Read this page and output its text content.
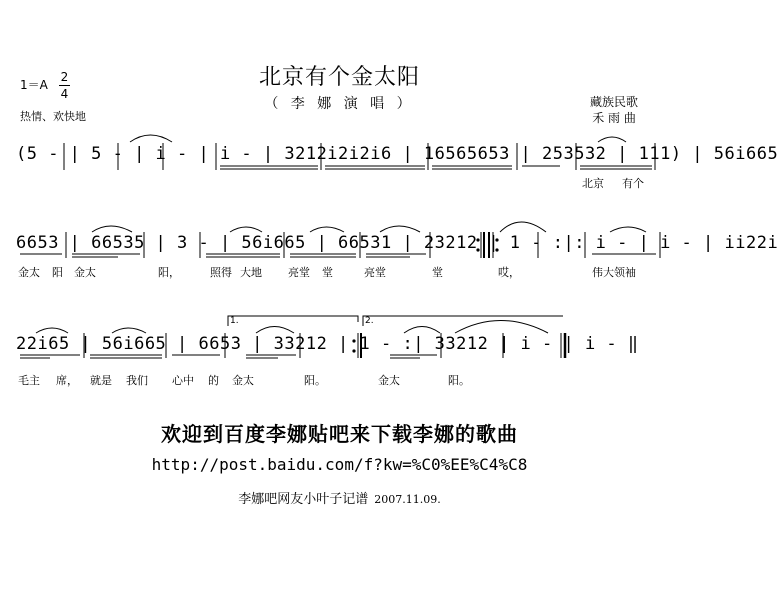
北京有个金太阳
（ 李 娜 演 唱 ）
1＝A
2
4
热情、欢快地
藏族民歌
禾 雨 曲
(5 - | 5 - | i - | i - | 3212i2i2i6 | 16565653 | 253532 | 111) | 56i665
6653 | 66535 | 3 - | 56i665 | 66531 | 23212 | 1 - :|: i - | i - | ii22i
22i65 | 56i665 | 6653 | 33212 | 1 - :| 33212 | i - | i - ‖
北京 有个
金太 阳 金太	阳，	照得 大地 亮堂 堂	亮堂	堂	哎，	伟大领袖
毛主 席， 就是 我们 心中 的 金太	阳。	金太	阳。
1.	2.
欢迎到百度李娜贴吧来下载李娜的歌曲
http://post.baidu.com/f?kw=%C0%EE%C4%C8
李娜吧网友小叶子记谱 2007.11.09.
